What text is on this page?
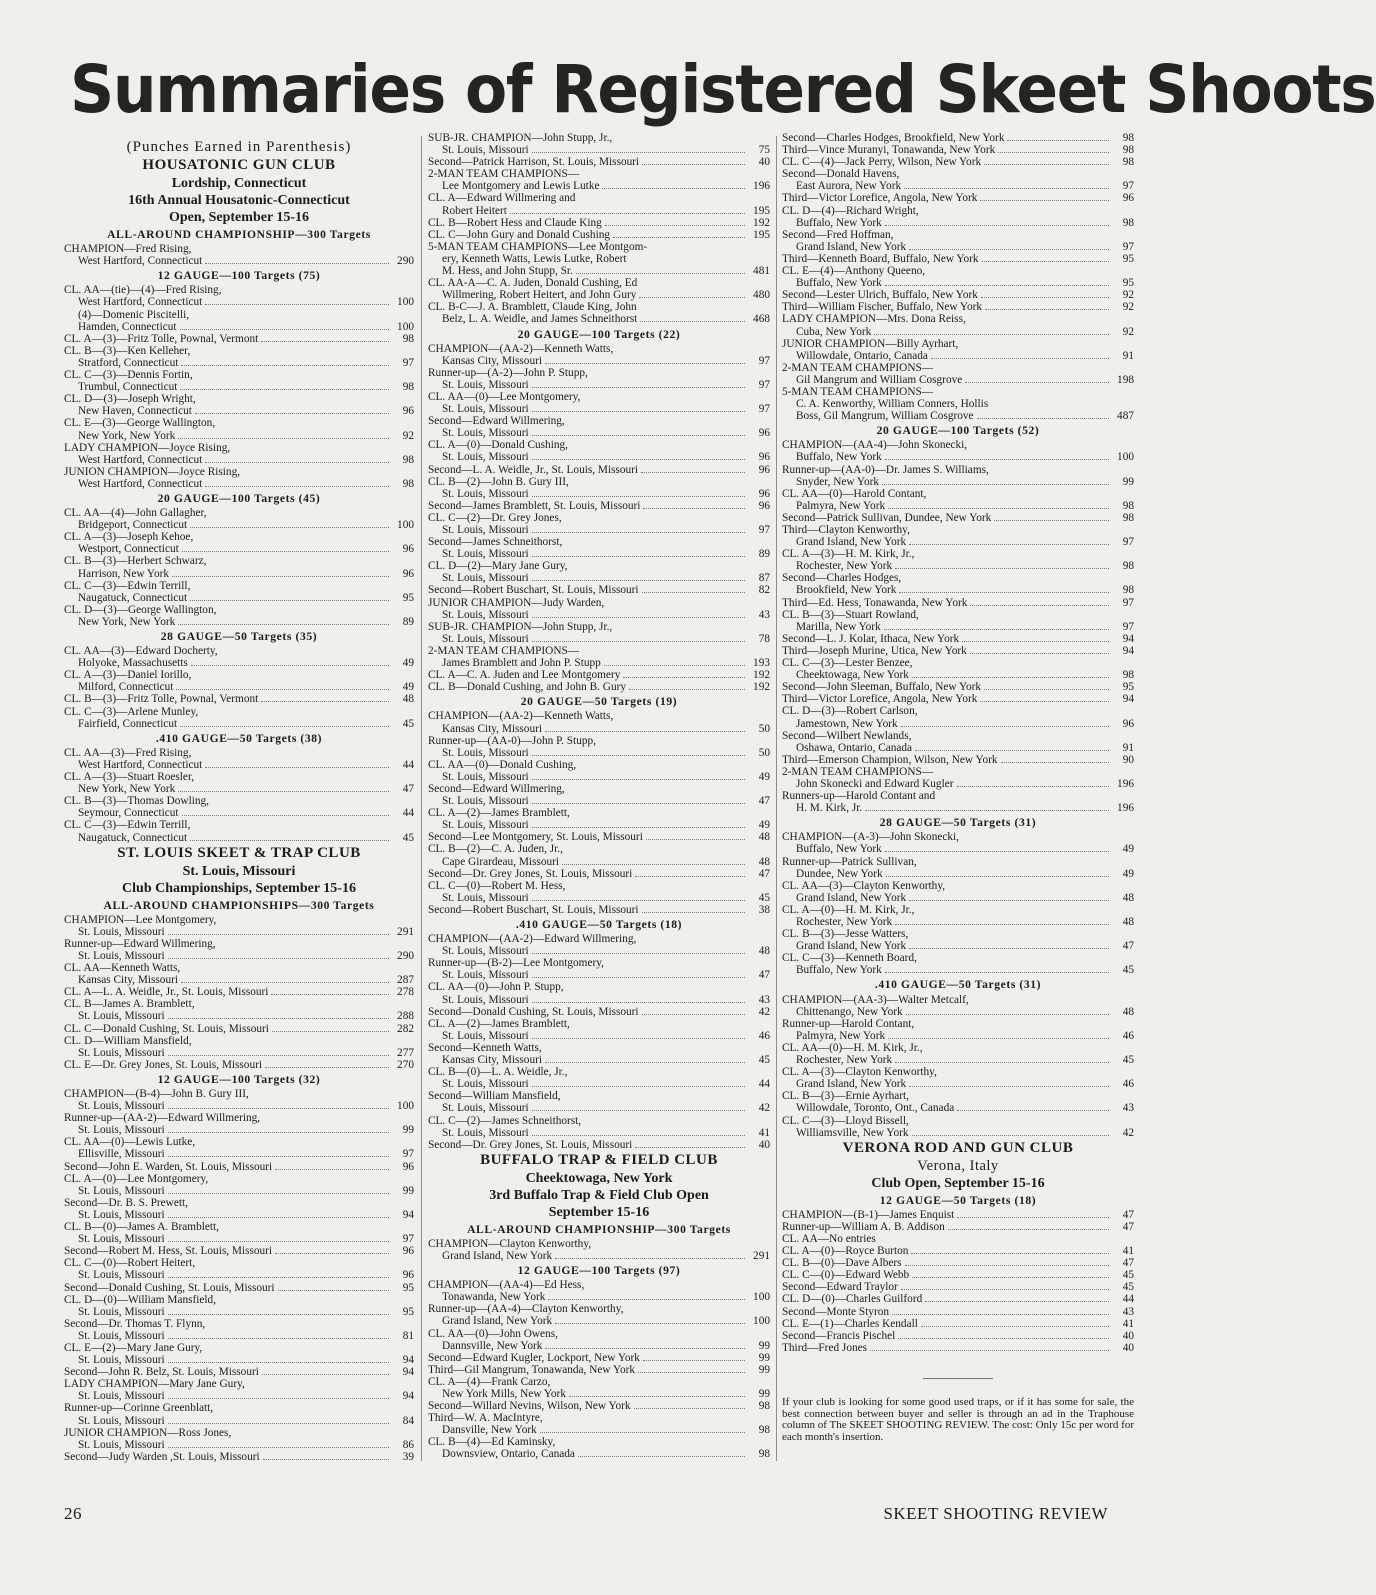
Summaries of Registered Skeet Shoots
(Punches Earned in Parenthesis)
HOUSATONIC GUN CLUB
Lordship, Connecticut
16th Annual Housatonic-Connecticut
Open, September 15-16
ALL-AROUND CHAMPIONSHIP—300 Targets
CHAMPION—Fred Rising,
West Hartford, Connecticut	290
12 GAUGE—100 Targets (75)
CL. AA—(tie)—(4)—Fred Rising,
West Hartford, Connecticut	100
(4)—Domenic Piscitelli,
Hamden, Connecticut	100
CL. A—(3)—Fritz Tolle, Pownal, Vermont	98
CL. B—(3)—Ken Kelleher,
Stratford, Connecticut	97
CL. C—(3)—Dennis Fortin,
Trumbul, Connecticut	98
CL. D—(3)—Joseph Wright,
New Haven, Connecticut	96
CL. E—(3)—George Wallington,
New York, New York	92
LADY CHAMPION—Joyce Rising,
West Hartford, Connecticut	98
JUNION CHAMPION—Joyce Rising,
West Hartford, Connecticut	98
20 GAUGE—100 Targets (45)
CL. AA—(4)—John Gallagher,
Bridgeport, Connecticut	100
CL. A—(3)—Joseph Kehoe,
Westport, Connecticut	96
CL. B—(3)—Herbert Schwarz,
Harrison, New York	96
CL. C—(3)—Edwin Terrill,
Naugatuck, Connecticut	95
CL. D—(3)—George Wallington,
New York, New York	89
28 GAUGE—50 Targets (35)
CL. AA—(3)—Edward Docherty,
Holyoke, Massachusetts	49
CL. A—(3)—Daniel Iorillo,
Milford, Connecticut	49
CL. B—(3)—Fritz Tolle, Pownal, Vermont	48
CL. C—(3)—Arlene Munley,
Fairfield, Connecticut	45
.410 GAUGE—50 Targets (38)
CL. AA—(3)—Fred Rising,
West Hartford, Connecticut	44
CL. A—(3)—Stuart Roesler,
New York, New York	47
CL. B—(3)—Thomas Dowling,
Seymour, Connecticut	44
CL. C—(3)—Edwin Terrill,
Naugatuck, Connecticut	45
ST. LOUIS SKEET & TRAP CLUB
St. Louis, Missouri
Club Championships, September 15-16
ALL-AROUND CHAMPIONSHIPS—300 Targets
CHAMPION—Lee Montgomery,
St. Louis, Missouri	291
Runner-up—Edward Willmering,
St. Louis, Missouri	290
CL. AA—Kenneth Watts,
Kansas City, Missouri	287
CL. A—L. A. Weidle, Jr., St. Louis, Missouri	278
CL. B—James A. Bramblett,
St. Louis, Missouri	288
CL. C—Donald Cushing, St. Louis, Missouri	282
CL. D—William Mansfield,
St. Louis, Missouri	277
CL. E—Dr. Grey Jones, St. Louis, Missouri	270
12 GAUGE—100 Targets (32)
CHAMPION—(B-4)—John B. Gury III,
St. Louis, Missouri	100
Runner-up—(AA-2)—Edward Willmering,
St. Louis, Missouri	99
CL. AA—(0)—Lewis Lutke,
Ellisville, Missouri	97
Second—John E. Warden, St. Louis, Missouri	96
CL. A—(0)—Lee Montgomery,
St. Louis, Missouri	99
Second—Dr. B. S. Prewett,
St. Louis, Missouri	94
CL. B—(0)—James A. Bramblett,
St. Louis, Missouri	97
Second—Robert M. Hess, St. Louis, Missouri	96
CL. C—(0)—Robert Heitert,
St. Louis, Missouri	96
Second—Donald Cushing, St. Louis, Missouri	95
CL. D—(0)—William Mansfield,
St. Louis, Missouri	95
Second—Dr. Thomas T. Flynn,
St. Louis, Missouri	81
CL. E—(2)—Mary Jane Gury,
St. Louis, Missouri	94
Second—John R. Belz, St. Louis, Missouri	94
LADY CHAMPION—Mary Jane Gury,
St. Louis, Missouri	94
Runner-up—Corinne Greenblatt,
St. Louis, Missouri	84
JUNIOR CHAMPION—Ross Jones,
St. Louis, Missouri	86
Second—Judy Warden ,St. Louis, Missouri	39
SUB-JR. CHAMPION—John Stupp, Jr.,
St. Louis, Missouri	75
Second—Patrick Harrison, St. Louis, Missouri	40
2-MAN TEAM CHAMPIONS—
Lee Montgomery and Lewis Lutke	196
CL. A—Edward Willmering and
Robert Heitert	195
CL. B—Robert Hess and Claude King	192
CL. C—John Gury and Donald Cushing	195
5-MAN TEAM CHAMPIONS—Lee Montgom-
ery, Kenneth Watts, Lewis Lutke, Robert
M. Hess, and John Stupp, Sr.	481
CL. AA-A—C. A. Juden, Donald Cushing, Ed
Willmering, Robert Heitert, and John Gury	480
CL. B-C—J. A. Bramblett, Claude King, John
Belz, L. A. Weidle, and James Schneithorst	468
20 GAUGE—100 Targets (22)
CHAMPION—(AA-2)—Kenneth Watts,
Kansas City, Missouri	97
Runner-up—(A-2)—John P. Stupp,
St. Louis, Missouri	97
CL. AA—(0)—Lee Montgomery,
St. Louis, Missouri	97
Second—Edward Willmering,
St. Louis, Missouri	96
CL. A—(0)—Donald Cushing,
St. Louis, Missouri	96
Second—L. A. Weidle, Jr., St. Louis, Missouri	96
CL. B—(2)—John B. Gury III,
St. Louis, Missouri	96
Second—James Bramblett, St. Louis, Missouri	96
CL. C—(2)—Dr. Grey Jones,
St. Louis, Missouri	97
Second—James Schneithorst,
St. Louis, Missouri	89
CL. D—(2)—Mary Jane Gury,
St. Louis, Missouri	87
Second—Robert Buschart, St. Louis, Missouri	82
JUNIOR CHAMPION—Judy Warden,
St. Louis, Missouri	43
SUB-JR. CHAMPION—John Stupp, Jr.,
St. Louis, Missouri	78
2-MAN TEAM CHAMPIONS—
James Bramblett and John P. Stupp	193
CL. A—C. A. Juden and Lee Montgomery	192
CL. B—Donald Cushing, and John B. Gury	192
20 GAUGE—50 Targets (19)
CHAMPION—(AA-2)—Kenneth Watts,
Kansas City, Missouri	50
Runner-up—(AA-0)—John P. Stupp,
St. Louis, Missouri	50
CL. AA—(0)—Donald Cushing,
St. Louis, Missouri	49
Second—Edward Willmering,
St. Louis, Missouri	47
CL. A—(2)—James Bramblett,
St. Louis, Missouri	49
Second—Lee Montgomery, St. Louis, Missouri	48
CL. B—(2)—C. A. Juden, Jr.,
Cape Girardeau, Missouri	48
Second—Dr. Grey Jones, St. Louis, Missouri	47
CL. C—(0)—Robert M. Hess,
St. Louis, Missouri	45
Second—Robert Buschart, St. Louis, Missouri	38
.410 GAUGE—50 Targets (18)
CHAMPION—(AA-2)—Edward Willmering,
St. Louis, Missouri	48
Runner-up—(B-2)—Lee Montgomery,
St. Louis, Missouri	47
CL. AA—(0)—John P. Stupp,
St. Louis, Missouri	43
Second—Donald Cushing, St. Louis, Missouri	42
CL. A—(2)—James Bramblett,
St. Louis, Missouri	46
Second—Kenneth Watts,
Kansas City, Missouri	45
CL. B—(0)—L. A. Weidle, Jr.,
St. Louis, Missouri	44
Second—William Mansfield,
St. Louis, Missouri	42
CL. C—(2)—James Schneithorst,
St. Louis, Missouri	41
Second—Dr. Grey Jones, St. Louis, Missouri	40
BUFFALO TRAP & FIELD CLUB
Cheektowaga, New York
3rd Buffalo Trap & Field Club Open
September 15-16
ALL-AROUND CHAMPIONSHIP—300 Targets
CHAMPION—Clayton Kenworthy,
Grand Island, New York	291
12 GAUGE—100 Targets (97)
CHAMPION—(AA-4)—Ed Hess,
Tonawanda, New York	100
Runner-up—(AA-4)—Clayton Kenworthy,
Grand Island, New York	100
CL. AA—(0)—John Owens,
Dannsville, New York	99
Second—Edward Kugler, Lockport, New York	99
Third—Gil Mangrum, Tonawanda, New York	99
CL. A—(4)—Frank Carzo,
New York Mills, New York	99
Second—Willard Nevins, Wilson, New York	98
Third—W. A. MacIntyre,
Dansville, New York	98
CL. B—(4)—Ed Kaminsky,
Downsview, Ontario, Canada	98
Second—Charles Hodges, Brookfield, New York	98
Third—Vince Muranyi, Tonawanda, New York	98
CL. C—(4)—Jack Perry, Wilson, New York	98
Second—Donald Havens,
East Aurora, New York	97
Third—Victor Lorefice, Angola, New York	96
CL. D—(4)—Richard Wright,
Buffalo, New York	98
Second—Fred Hoffman,
Grand Island, New York	97
Third—Kenneth Board, Buffalo, New York	95
CL. E—(4)—Anthony Queeno,
Buffalo, New York	95
Second—Lester Ulrich, Buffalo, New York	92
Third—William Fischer, Buffalo, New York	92
LADY CHAMPION—Mrs. Dona Reiss,
Cuba, New York	92
JUNIOR CHAMPION—Billy Ayrhart,
Willowdale, Ontario, Canada	91
2-MAN TEAM CHAMPIONS—
Gil Mangrum and William Cosgrove	198
5-MAN TEAM CHAMPIONS—
C. A. Kenworthy, William Conners, Hollis
Boss, Gil Mangrum, William Cosgrove	487
20 GAUGE—100 Targets (52)
CHAMPION—(AA-4)—John Skonecki,
Buffalo, New York	100
Runner-up—(AA-0)—Dr. James S. Williams,
Snyder, New York	99
CL. AA—(0)—Harold Contant,
Palmyra, New York	98
Second—Patrick Sullivan, Dundee, New York	98
Third—Clayton Kenworthy,
Grand Island, New York	97
CL. A—(3)—H. M. Kirk, Jr.,
Rochester, New York	98
Second—Charles Hodges,
Brookfield, New York	98
Third—Ed. Hess, Tonawanda, New York	97
CL. B—(3)—Stuart Rowland,
Marilla, New York	97
Second—L. J. Kolar, Ithaca, New York	94
Third—Joseph Murine, Utica, New York	94
CL. C—(3)—Lester Benzee,
Cheektowaga, New York	98
Second—John Sleeman, Buffalo, New York	95
Third—Victor Lorefice, Angola, New York	94
CL. D—(3)—Robert Carlson,
Jamestown, New York	96
Second—Wilbert Newlands,
Oshawa, Ontario, Canada	91
Third—Emerson Champion, Wilson, New York	90
2-MAN TEAM CHAMPIONS—
John Skonecki and Edward Kugler	196
Runners-up—Harold Contant and
H. M. Kirk, Jr.	196
28 GAUGE—50 Targets (31)
CHAMPION—(A-3)—John Skonecki,
Buffalo, New York	49
Runner-up—Patrick Sullivan,
Dundee, New York	49
CL. AA—(3)—Clayton Kenworthy,
Grand Island, New York	48
CL. A—(0)—H. M. Kirk, Jr.,
Rochester, New York	48
CL. B—(3)—Jesse Watters,
Grand Island, New York	47
CL. C—(3)—Kenneth Board,
Buffalo, New York	45
.410 GAUGE—50 Targets (31)
CHAMPION—(AA-3)—Walter Metcalf,
Chittenango, New York	48
Runner-up—Harold Contant,
Palmyra, New York	46
CL. AA—(0)—H. M. Kirk, Jr.,
Rochester, New York	45
CL. A—(3)—Clayton Kenworthy,
Grand Island, New York	46
CL. B—(3)—Ernie Ayrhart,
Willowdale, Toronto, Ont., Canada	43
CL. C—(3)—Lloyd Bissell,
Williamsville, New York	42
VERONA ROD AND GUN CLUB
Verona, Italy
Club Open, September 15-16
12 GAUGE—50 Targets (18)
CHAMPION—(B-1)—James Enquist	47
Runner-up—William A. B. Addison	47
CL. AA—No entries
CL. A—(0)—Royce Burton	41
CL. B—(0)—Dave Albers	47
CL. C—(0)—Edward Webb	45
Second—Edward Traylor	45
CL. D—(0)—Charles Guilford	44
Second—Monte Styron	43
CL. E—(1)—Charles Kendall	41
Second—Francis Pischel	40
Third—Fred Jones	40
If your club is looking for some good used traps, or if it has some for sale, the best connection between buyer and seller is through an ad in the Traphouse column of The SKEET SHOOTING REVIEW. The cost: Only 15c per word for each month's insertion.
26	SKEET SHOOTING REVIEW
